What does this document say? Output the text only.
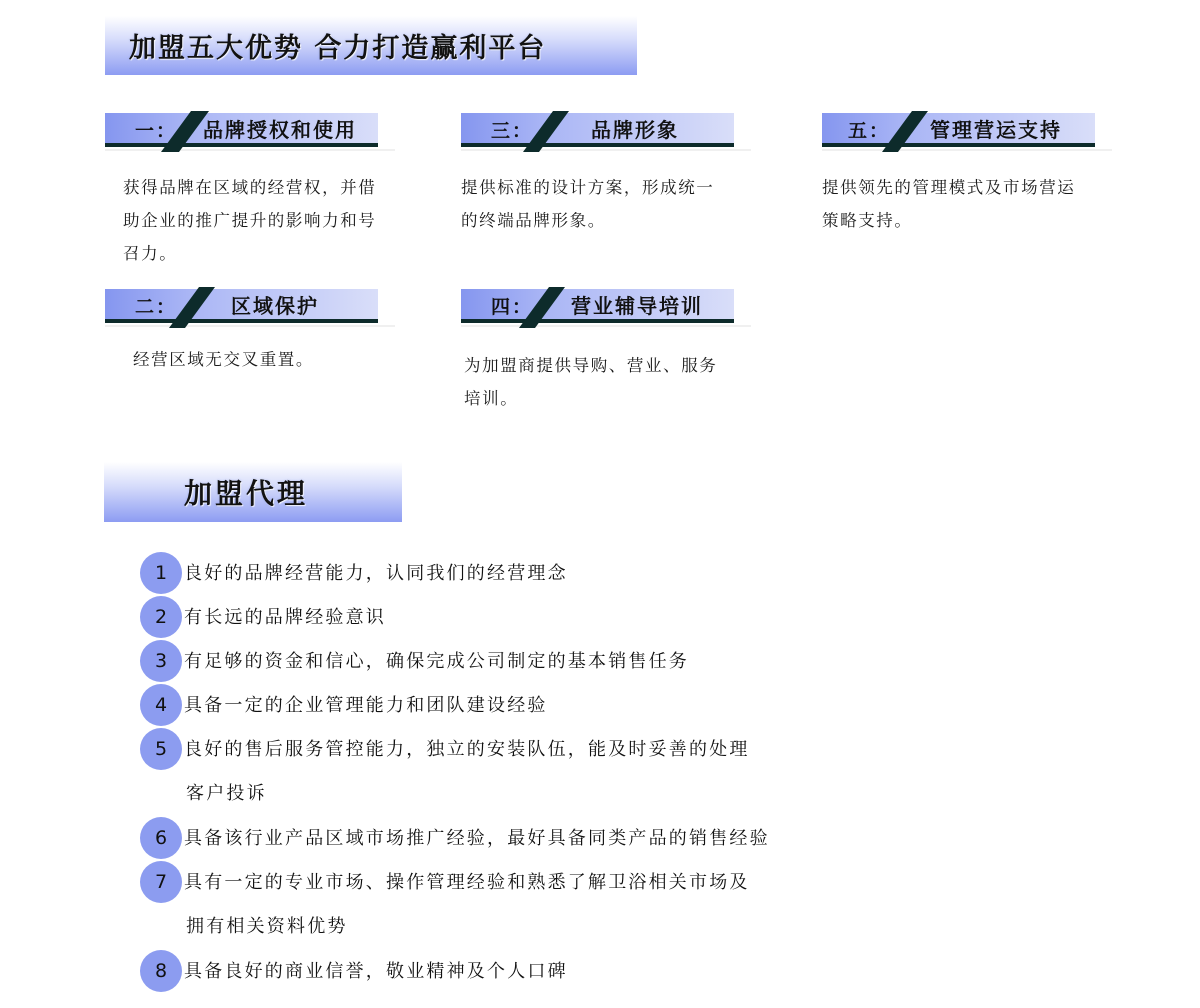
加盟五大优势 合力打造赢利平台
一： 品牌授权和使用
获得品牌在区域的经营权，并借
助企业的推广提升的影响力和号
召力。
二：	区域保护
经营区域无交叉重置。
三：	品牌形象
提供标准的设计方案，形成统一
的终端品牌形象。
四： 营业辅导培训
为加盟商提供导购、营业、服务
培训。
五： 管理营运支持
提供领先的管理模式及市场营运
策略支持。
加盟代理
1 良好的品牌经营能力，认同我们的经营理念
2 有长远的品牌经验意识
3 有足够的资金和信心，确保完成公司制定的基本销售任务
4 具备一定的企业管理能力和团队建设经验
5 良好的售后服务管控能力，独立的安装队伍，能及时妥善的处理
客户投诉
6 具备该行业产品区域市场推广经验，最好具备同类产品的销售经验
7 具有一定的专业市场、操作管理经验和熟悉了解卫浴相关市场及
拥有相关资料优势
8 具备良好的商业信誉，敬业精神及个人口碑
